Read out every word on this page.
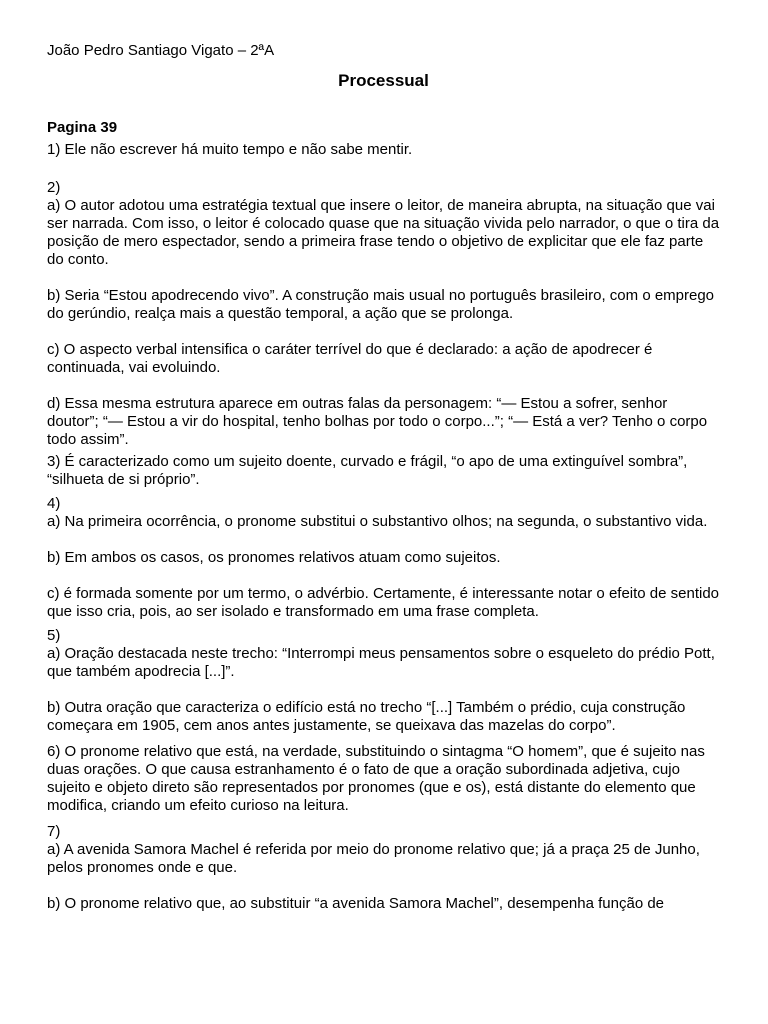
João Pedro Santiago Vigato – 2ªA

Processual

Pagina 39

1) Ele não escrever há muito tempo e não sabe mentir.

2)

a) O autor adotou uma estratégia textual que insere o leitor, de maneira abrupta, na situação que vai ser narrada. Com isso, o leitor é colocado quase que na situação vivida pelo narrador, o que o tira da posição de mero espectador, sendo a primeira frase tendo o objetivo de explicitar que ele faz parte do conto.

b) Seria “Estou apodrecendo vivo”. A construção mais usual no português brasileiro, com o emprego do gerúndio, realça mais a questão temporal, a ação que se prolonga.

c) O aspecto verbal intensifica o caráter terrível do que é declarado: a ação de apodrecer é continuada, vai evoluindo.

d) Essa mesma estrutura aparece em outras falas da personagem: “— Estou a sofrer, senhor doutor”; “— Estou a vir do hospital, tenho bolhas por todo o corpo...”; “— Está a ver? Tenho o corpo todo assim”.

3) É caracterizado como um sujeito doente, curvado e frágil, “o apo de uma extinguível sombra”, “silhueta de si próprio”.

4)

a) Na primeira ocorrência, o pronome substitui o substantivo olhos; na segunda, o substantivo vida.

b) Em ambos os casos, os pronomes relativos atuam como sujeitos.

c) é formada somente por um termo, o advérbio. Certamente, é interessante notar o efeito de sentido que isso cria, pois, ao ser isolado e transformado em uma frase completa.

5)

a) Oração destacada neste trecho: “Interrompi meus pensamentos sobre o esqueleto do prédio Pott, que também apodrecia [...]”.

b) Outra oração que caracteriza o edifício está no trecho “[...] Também o prédio, cuja construção começara em 1905, cem anos antes justamente, se queixava das mazelas do corpo”.

6) O pronome relativo que está, na verdade, substituindo o sintagma “O homem”, que é sujeito nas duas orações. O que causa estranhamento é o fato de que a oração subordinada adjetiva, cujo sujeito e objeto direto são representados por pronomes (que e os), está distante do elemento que modifica, criando um efeito curioso na leitura.

7)

a) A avenida Samora Machel é referida por meio do pronome relativo que; já a praça 25 de Junho, pelos pronomes onde e que.

b) O pronome relativo que, ao substituir “a avenida Samora Machel”, desempenha função de
